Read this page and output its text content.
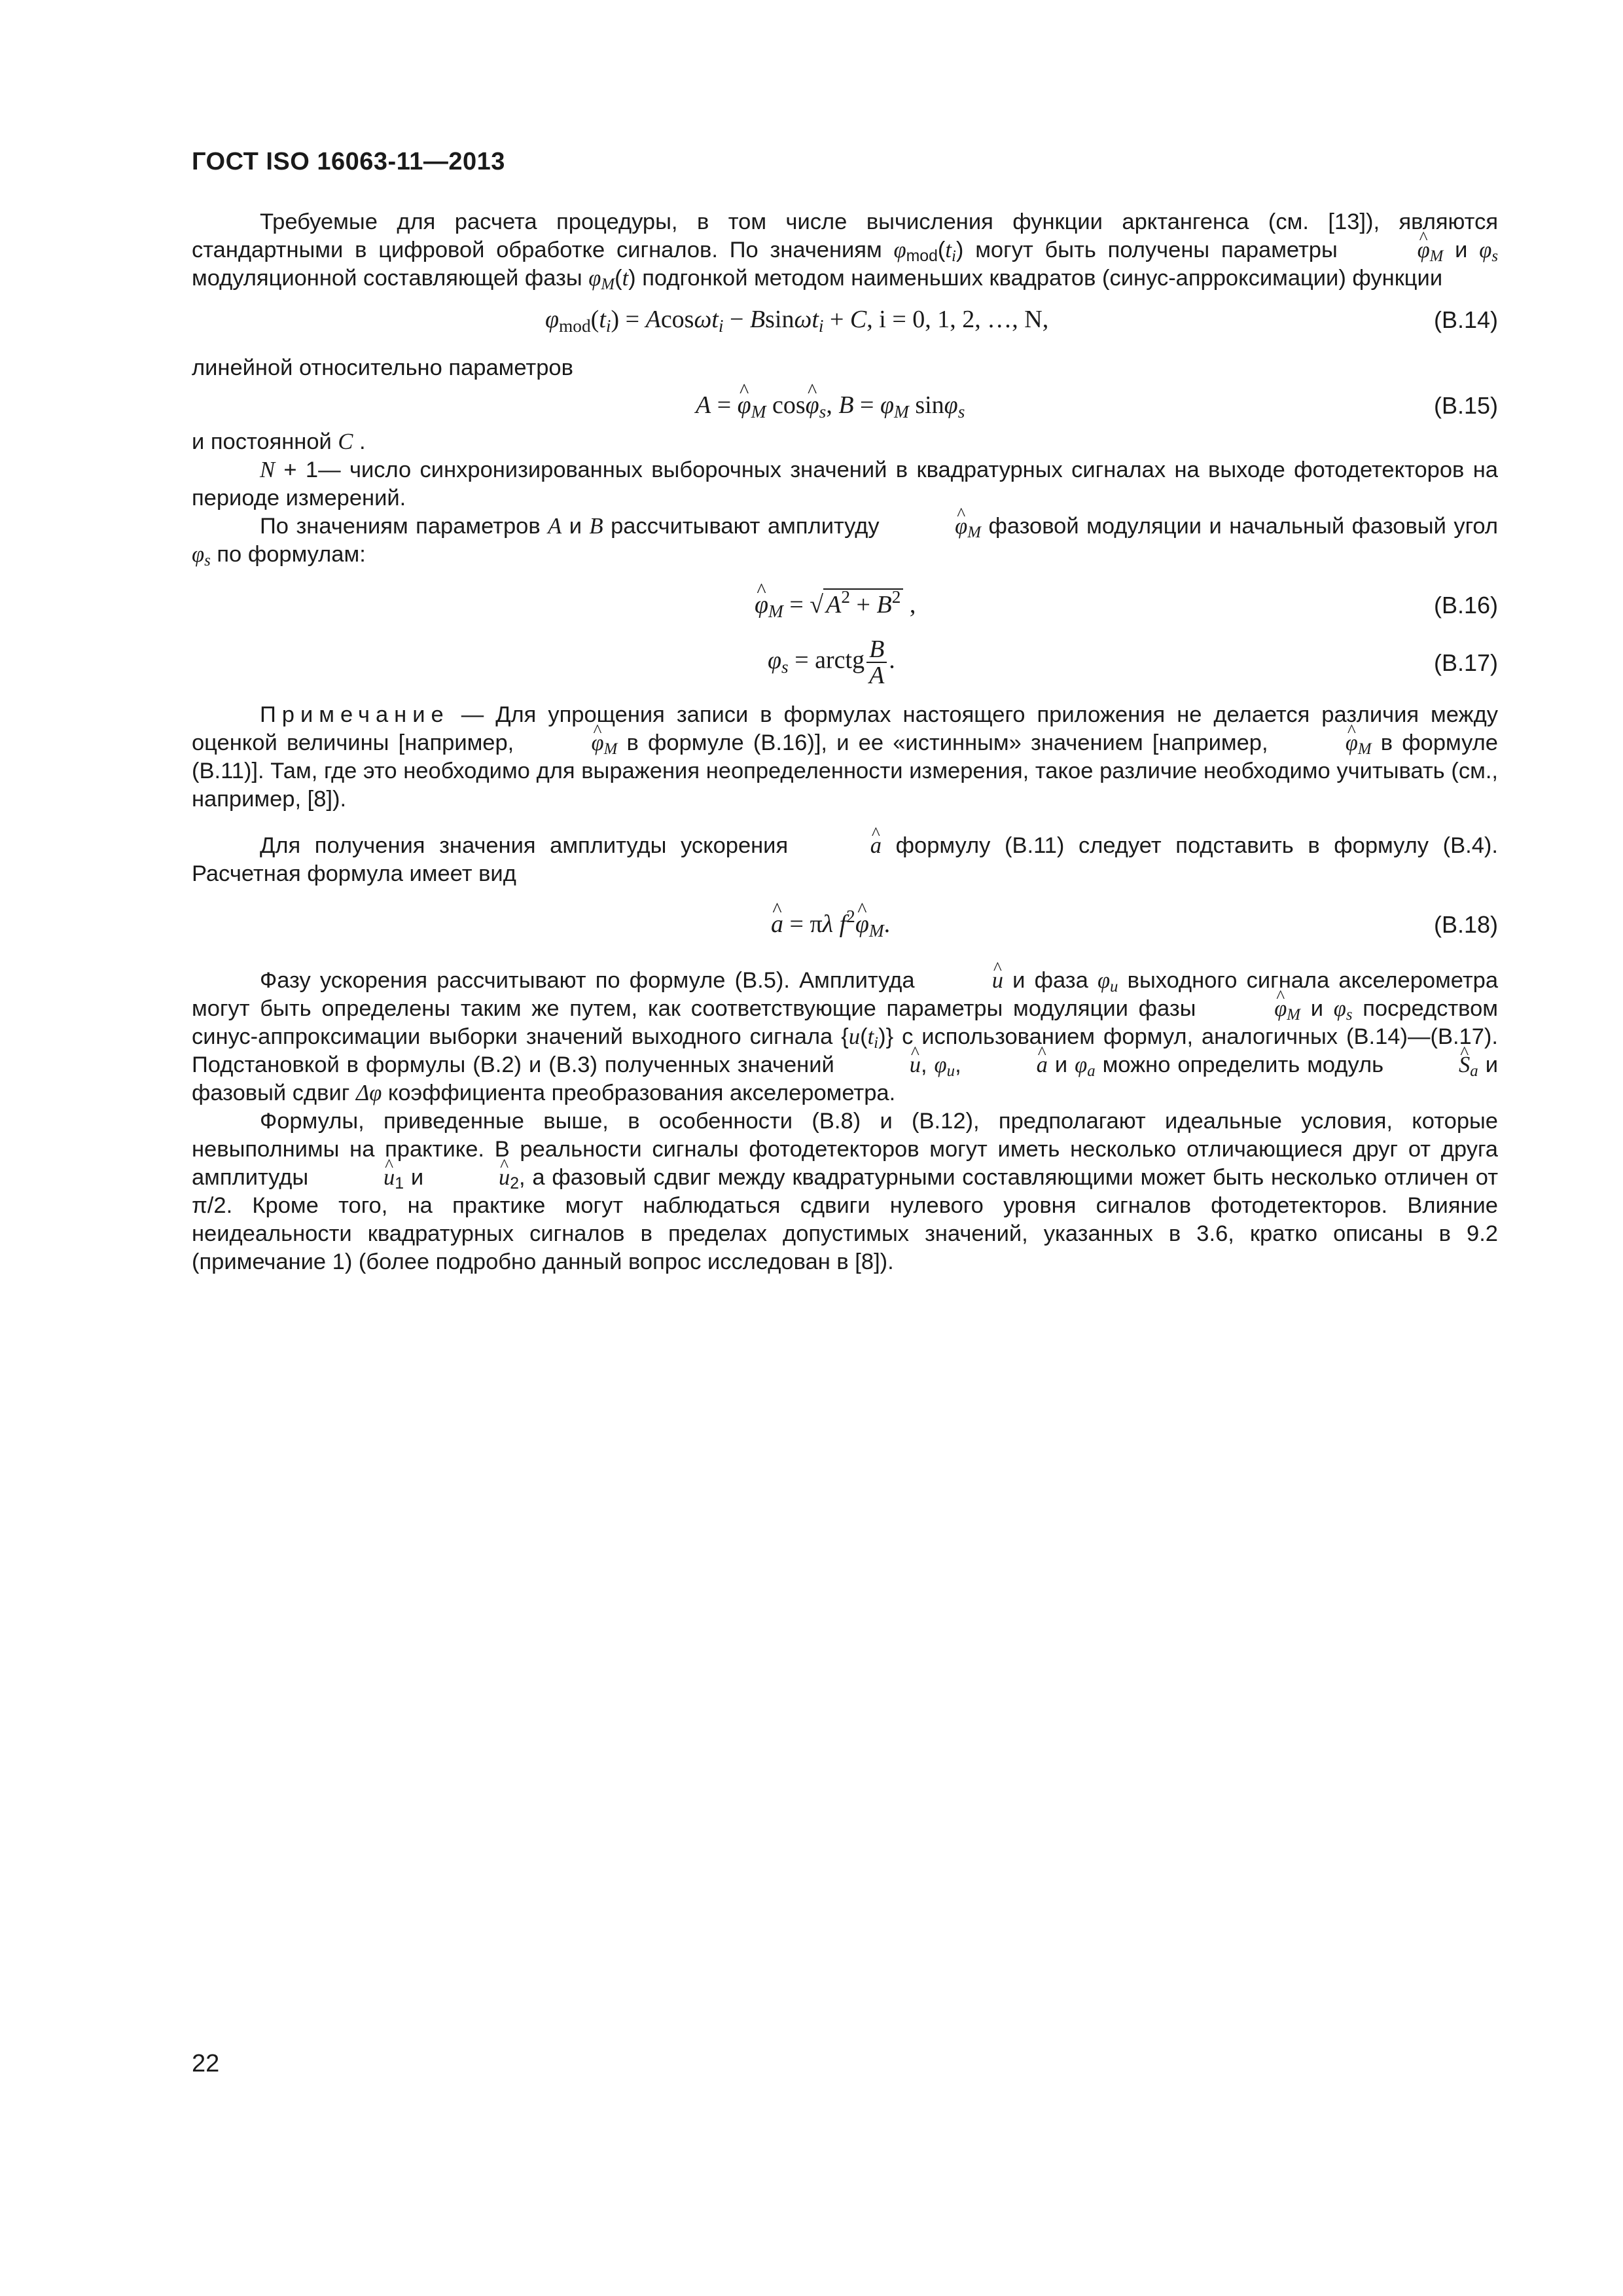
ГОСТ ISO 16063-11—2013

Требуемые для расчета процедуры, в том числе вычисления функции арктангенса (см. [13]), являются стандартными в цифровой обработке сигналов. По значениям $\varphi_{mod}(t_i)$ могут быть получены параметры	^ $\varphi_M$ и $\varphi_s$ модуляционной составляющей фазы $\varphi_M(t)$ подгонкой методом наименьших квадратов (синус-апрроксимации) функции

$\varphi_{mod}(t_i) = Acos\omega t_i - Bsin\omega t_i + C$, i = 0, 1, 2, …, N,	(В.14)

линейной относительно параметров

A = ^ $\varphi_M$ cos^ $\varphi_s$, $B = \varphi_M$ sinφ$_s$	(В.15)

и постоянной C .

N + 1— число синхронизированных выборочных значений в квадратурных сигналах на выходе фотодетекторов на периоде измерений.

По значениям параметров A и B рассчитывают амплитуду	^ $\varphi_M$ фазовой модуляции и начальный фазовый угол $\varphi_s$ по формулам:

^ $\varphi_M$ = √ $A^2 + B^2$ ,	(В.16)
$\varphi_s$ = arctg $\frac{B}{A}$ .	(В.17)

Примечание — Для упрощения записи в формулах настоящего приложения не делается различия между оценкой величины [например,	^ $\varphi_M$ в формуле (В.16)], и ее «истинным» значением [например,	^ $\varphi_M$ в формуле (В.11)]. Там, где это необходимо для выражения неопределенности измерения, такое различие необходимо учитывать (см., например, [8]).

Для получения значения амплитуды ускорения	^ a формулу (В.11) следует подставить в формулу (В.4). Расчетная формула имеет вид

^ a = πλ $f^2\^{}$ $\varphi_M$.	(В.18)

Фазу ускорения рассчитывают по формуле (В.5). Амплитуда	^ u и фаза $\varphi_u$ выходного сигнала акселерометра могут быть определены таким же путем, как соответствующие параметры модуляции фазы	^ $\varphi_M$ и $\varphi_s$ посредством синус-аппроксимации выборки значений выходного сигнала $\{u(t_i)\}$ с использованием формул, аналогичных (В.14)—(В.17). Подстановкой в формулы (В.2) и (В.3) полученных значений	^ u, $\varphi_u$,	^ a и $\varphi_a$ можно определить модуль	^ $S_a$ и фазовый сдвиг Δφ коэффициента преобразования акселерометра.

Формулы, приведенные выше, в особенности (В.8) и (В.12), предполагают идеальные условия, которые невыполнимы на практике. В реальности сигналы фотодетекторов могут иметь несколько отличающиеся друг от друга амплитуды	^ $u_1$ и	^ $u_2$, а фазовый сдвиг между квадратурными составляющими может быть несколько отличен от π/2. Кроме того, на практике могут наблюдаться сдвиги нулевого уровня сигналов фотодетекторов. Влияние неидеальности квадратурных сигналов в пределах допустимых значений, указанных в 3.6, кратко описаны в 9.2 (примечание 1) (более подробно данный вопрос исследован в [8]).

22
